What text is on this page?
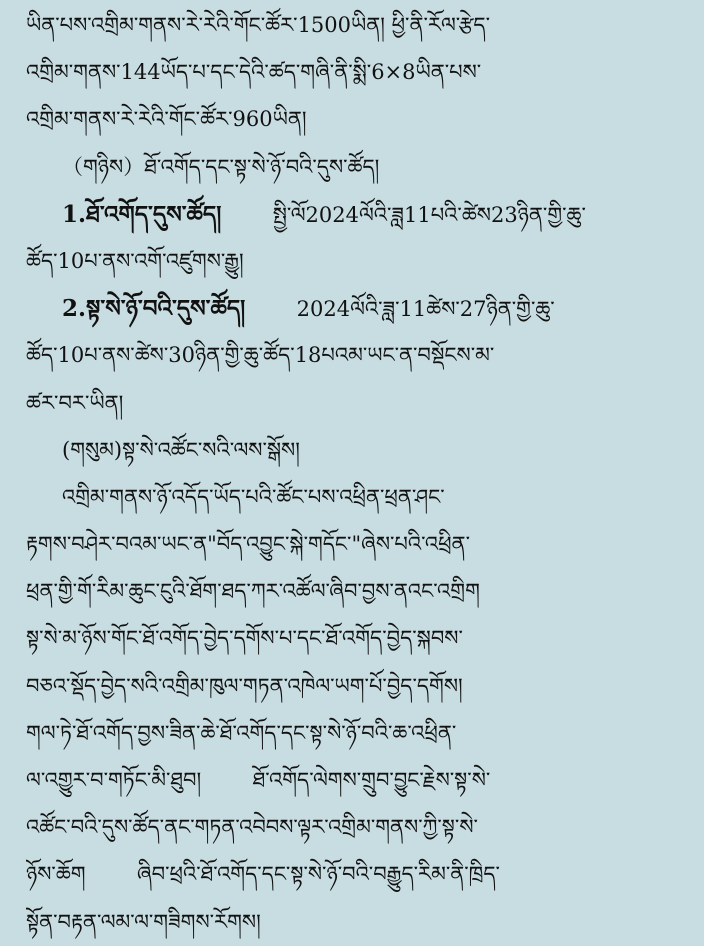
ཡིན་པས་འགྲིམ་གནས་རེ་རེའི་གོང་ཚོར་1500ཡིན། ཕྱི་ནི་རོལ་རྩེད་
འགྲིམ་གནས་144ཡོད་པ་དང་དེའི་ཚད་གཞི་ནི་སྨི་6×8ཡིན་པས་
འགྲིམ་གནས་རེ་རེའི་གོང་ཚོར་960ཡིན།
（གཉིས）ཐོ་འགོད་དང་སྟ་སེ་ཉོ་བའི་དུས་ཚོད།
1.ཐོ་འགོད་དུས་ཚོད། སྤྱི་ལོ2024ལོའི་ཟླ11པའི་ཚེས23ཉིན་གྱི་ཆུ་
ཚོད་10པ་ནས་འགོ་འཛུགས་རྒྱུ།
2.སྟ་སེ་ཉོ་བའི་དུས་ཚོད། 2024ལོའི་ཟླ་11ཚེས་27ཉིན་གྱི་ཆུ་
ཚོད་10པ་ནས་ཚེས་30ཉིན་གྱི་ཆུ་ཚོད་18པའམ་ཡང་ན་བསྡོངས་མ་
ཚར་བར་ཡིན།
(གསུམ)སྟ་སེ་འཚོང་སའི་ལས་སྒོས།
འགྲིམ་གནས་ཉོ་འདོད་ཡོད་པའི་ཚོང་པས་འཕྲིན་ཕྲན་ཤང་
རྟགས་བཤེར་བའམ་ཡང་ན"བོད་འབྱུང་སྐེ་གདོང་"ཞེས་པའི་འཕྲིན་
ཕྲན་གྱི་གོ་རིམ་ཆུང་ངུའི་ཐོག་ཐད་ཀར་འཚོལ་ཞིབ་བྱས་ནའང་འགྲིག
སྟ་སེ་མ་ཉོས་གོང་ཐོ་འགོད་བྱེད་དགོས་པ་དང་ཐོ་འགོད་བྱེད་སྐབས་
བཅའ་སྡོད་བྱེད་སའི་འགྲིམ་ཁུལ་གཏན་འཁེལ་ཡག་པོ་བྱེད་དགོས།
གལ་ཏེ་ཐོ་འགོད་བྱས་ཟིན་ཆེ་ཐོ་འགོད་དང་སྟ་སེ་ཉོ་བའི་ཆ་འཕྲིན་
ལ་འགྱུར་བ་གཏོང་མི་ཐུབ། ཐོ་འགོད་ལེགས་གྲུབ་བྱུང་རྗེས་སྟ་སེ་
འཚོང་བའི་དུས་ཚོད་ནང་གཏན་འབེབས་ལྟར་འགྲིམ་གནས་ཀྱི་སྟ་སེ་
ཉོས་ཆོག ཞིབ་ཕྲའི་ཐོ་འགོད་དང་སྟ་སེ་ཉོ་བའི་བརྒྱུད་རིམ་ནི་ཁྲིད་
སྟོན་བརྟན་ལམ་ལ་གཟིགས་རོགས།
